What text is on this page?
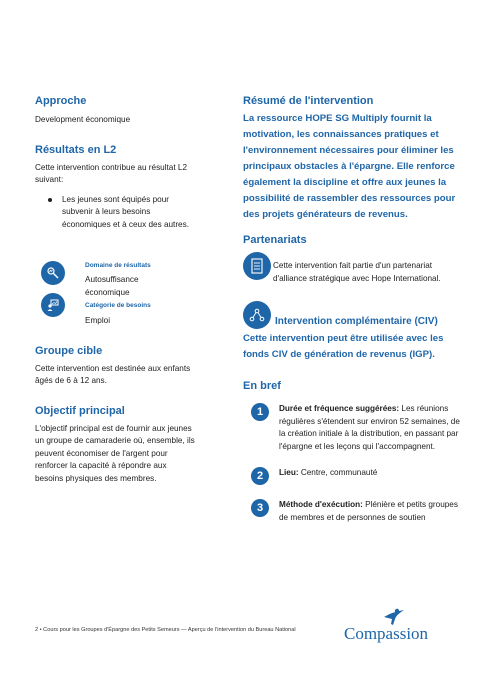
Approche
Development économique
Résultats en L2
Cette intervention contribue au résultat L2 suivant:
Les jeunes sont équipés pour subvenir à leurs besoins économiques et à ceux des autres.
Domaine de résultats
Autosuffisance économique
Catégorie de besoins
Emploi
Groupe cible
Cette intervention est destinée aux enfants âgés de 6 à 12 ans.
Objectif principal
L'objectif principal est de fournir aux jeunes un groupe de camaraderie où, ensemble, ils peuvent économiser de l'argent pour renforcer la capacité à répondre aux besoins physiques des membres.
Résumé de l'intervention
La ressource HOPE SG Multiply fournit la motivation, les connaissances pratiques et l'environnement nécessaires pour éliminer les principaux obstacles à l'épargne. Elle renforce également la discipline et offre aux jeunes la possibilité de rassembler des ressources pour des projets générateurs de revenus.
Partenariats
Cette intervention fait partie d'un partenariat d'alliance stratégique avec Hope International.
Intervention complémentaire (CIV)
Cette intervention peut être utilisée avec les fonds CIV de génération de revenus (IGP).
En bref
1	Durée et fréquence suggérées: Les réunions régulières s'étendent sur environ 52 semaines, de la création initiale à la distribution, en passant par l'épargne et les leçons qui l'accompagnent.
2	Lieu: Centre, communauté
3	Méthode d'exécution: Plénière et petits groupes de membres et de personnes de soutien
2 • Cours pour les Groupes d'Épargne des Petits Semeurs — Aperçu de l'intervention du Bureau National	Compassion
